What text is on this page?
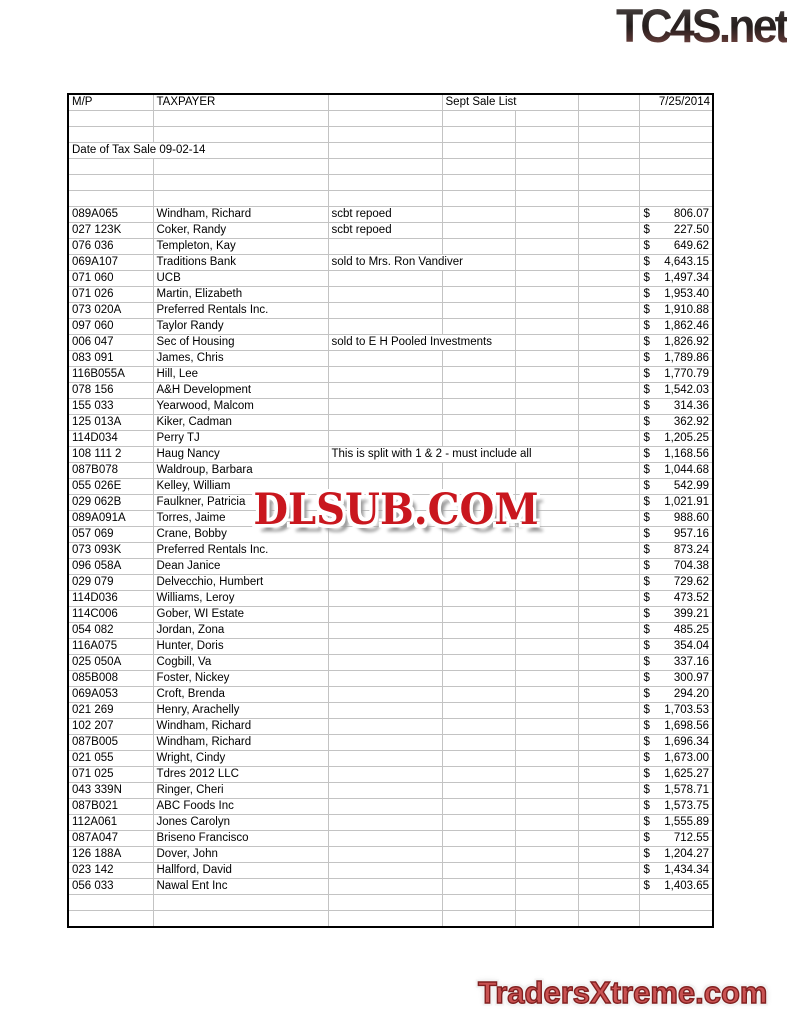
TC4S.net
M/P	TAXPAYER		Sept Sale List			7/25/2014

Date of Tax Sale 09-02-14						

089A065	Windham, Richard	scbt repoed				$ 806.07

027 123K	Coker, Randy	scbt repoed				$ 227.50

076 036	Templeton, Kay					$ 649.62

069A107	Traditions Bank	sold to Mrs. Ron Vandiver				$ 4,643.15

071 060	UCB					$ 1,497.34

071 026	Martin, Elizabeth					$ 1,953.40

073 020A	Preferred Rentals Inc.					$ 1,910.88

097 060	Taylor Randy					$ 1,862.46

006 047	Sec of Housing	sold to E H Pooled Investments				$ 1,826.92

083 091	James, Chris					$ 1,789.86

116B055A	Hill, Lee					$ 1,770.79

078 156	A&H Development					$ 1,542.03

155 033	Yearwood, Malcom					$ 314.36

125 013A	Kiker, Cadman					$ 362.92

114D034	Perry TJ					$ 1,205.25

108 111 2	Haug Nancy	This is split with 1 & 2 - must include all				$ 1,168.56

087B078	Waldroup, Barbara					$ 1,044.68

055 026E	Kelley, William					$ 542.99

029 062B	Faulkner, Patricia					$ 1,021.91

089A091A	Torres, Jaime					$ 988.60

057 069	Crane, Bobby					$ 957.16

073 093K	Preferred Rentals Inc.					$ 873.24

096 058A	Dean Janice					$ 704.38

029 079	Delvecchio, Humbert					$ 729.62

114D036	Williams, Leroy					$ 473.52

114C006	Gober, WI Estate					$ 399.21

054 082	Jordan, Zona					$ 485.25

116A075	Hunter, Doris					$ 354.04

025 050A	Cogbill, Va					$ 337.16

085B008	Foster, Nickey					$ 300.97

069A053	Croft, Brenda					$ 294.20

021 269	Henry, Arachelly					$ 1,703.53

102 207	Windham, Richard					$ 1,698.56

087B005	Windham, Richard					$ 1,696.34

021 055	Wright, Cindy					$ 1,673.00

071 025	Tdres 2012 LLC					$ 1,625.27

043 339N	Ringer, Cheri					$ 1,578.71

087B021	ABC Foods Inc					$ 1,573.75

112A061	Jones Carolyn					$ 1,555.89

087A047	Briseno Francisco					$ 712.55

126 188A	Dover, John					$ 1,204.27

023 142	Hallford, David					$ 1,434.34

056 033	Nawal Ent Inc					$ 1,403.65

DLSUB.COM
TradersXtreme.com
